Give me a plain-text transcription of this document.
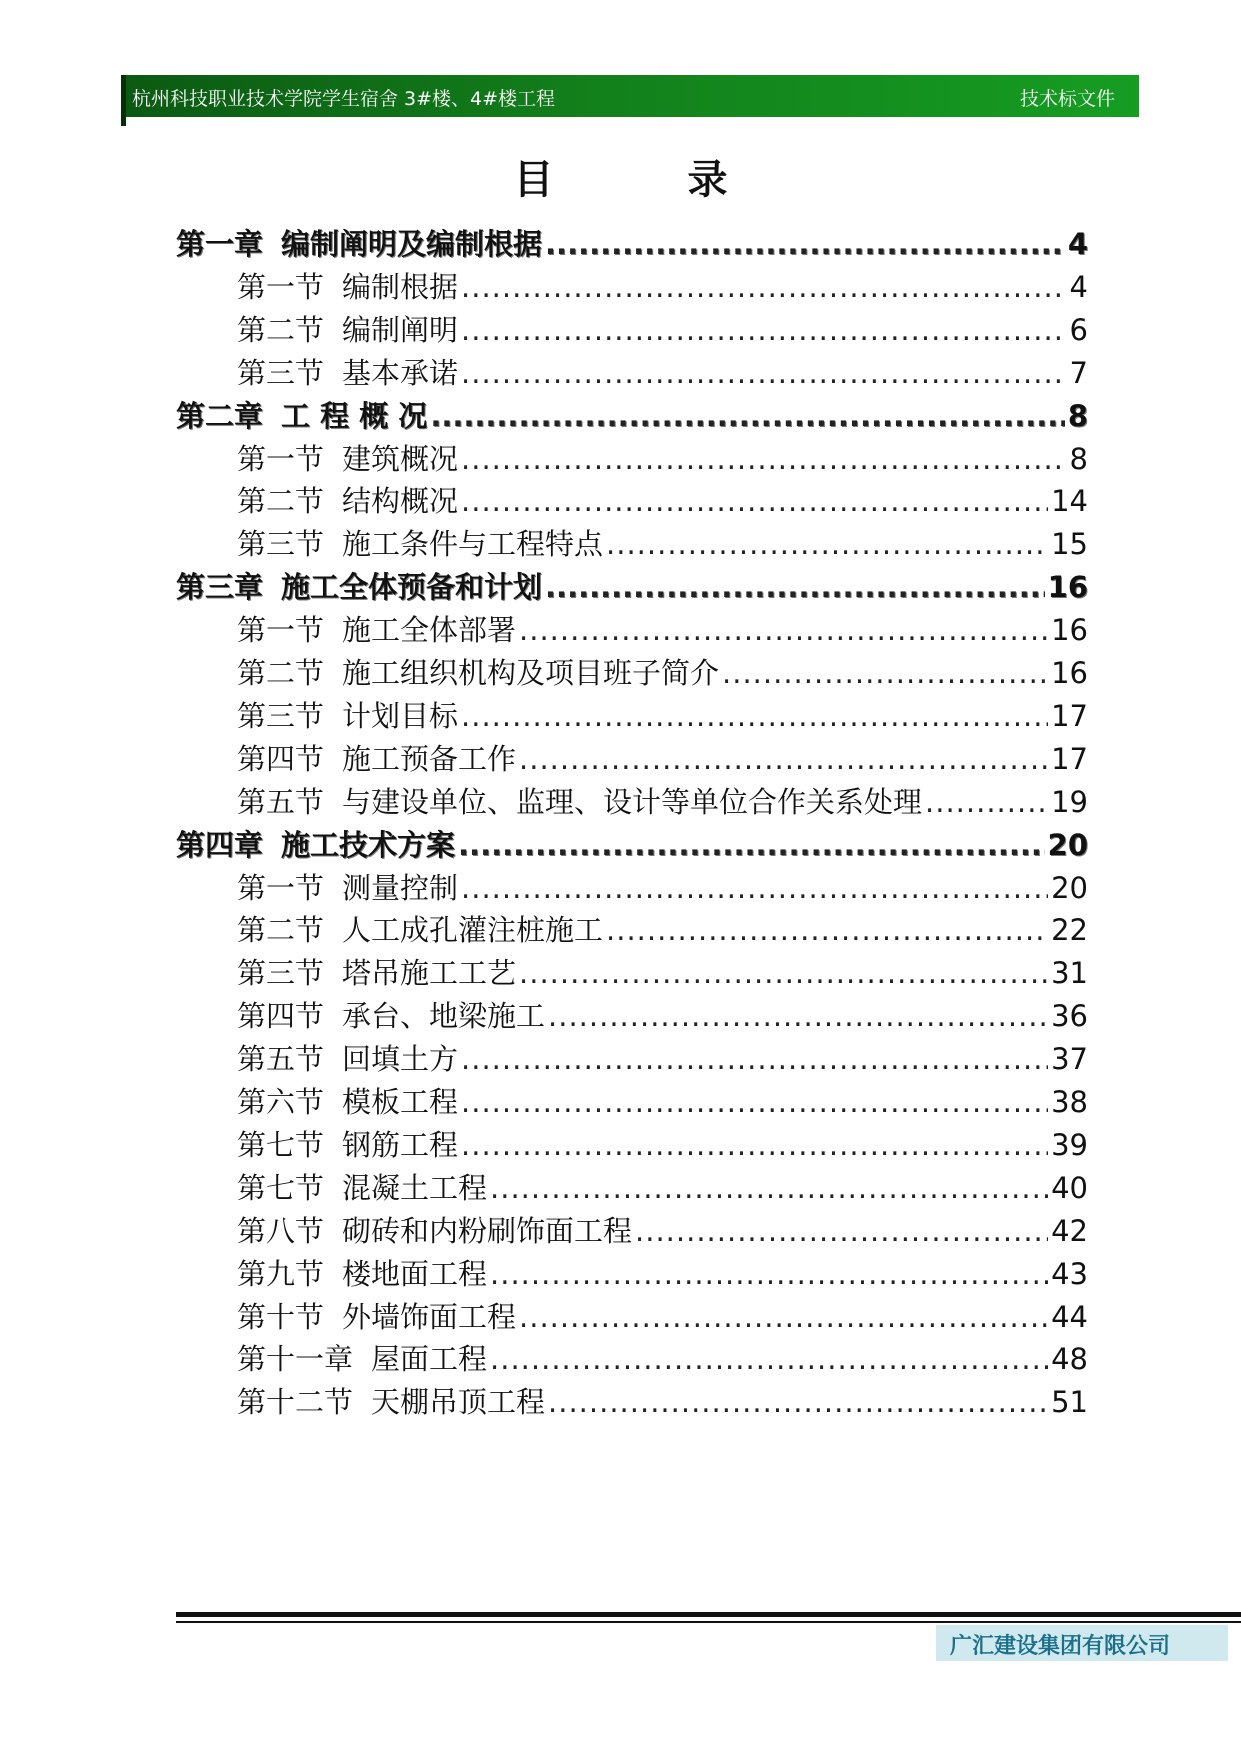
杭州科技职业技术学院学生宿舍 3#楼、4#楼工程	技术标文件
目 录
第一章 编制阐明及编制根据 .....	4
第一节 编制根据 .....	4
第二节 编制阐明 .....	6
第三节 基本承诺 .....	7
第二章 工 程 概 况 .....	8
第一节 建筑概况 .....	8
第二节 结构概况 .....	14
第三节 施工条件与工程特点 .....	15
第三章 施工全体预备和计划 .....	16
第一节 施工全体部署 .....	16
第二节 施工组织机构及项目班子简介 .....	16
第三节 计划目标 .....	17
第四节 施工预备工作 .....	17
第五节 与建设单位、监理、设计等单位合作关系处理 .....	19
第四章 施工技术方案 .....	20
第一节 测量控制 .....	20
第二节 人工成孔灌注桩施工 .....	22
第三节 塔吊施工工艺 .....	31
第四节 承台、地梁施工 .....	36
第五节 回填土方 .....	37
第六节 模板工程 .....	38
第七节 钢筋工程 .....	39
第七节 混凝土工程 .....	40
第八节 砌砖和内粉刷饰面工程 .....	42
第九节 楼地面工程 .....	43
第十节 外墙饰面工程 .....	44
第十一章 屋面工程 .....	48
第十二节 天棚吊顶工程 .....	51
广汇建设集团有限公司
